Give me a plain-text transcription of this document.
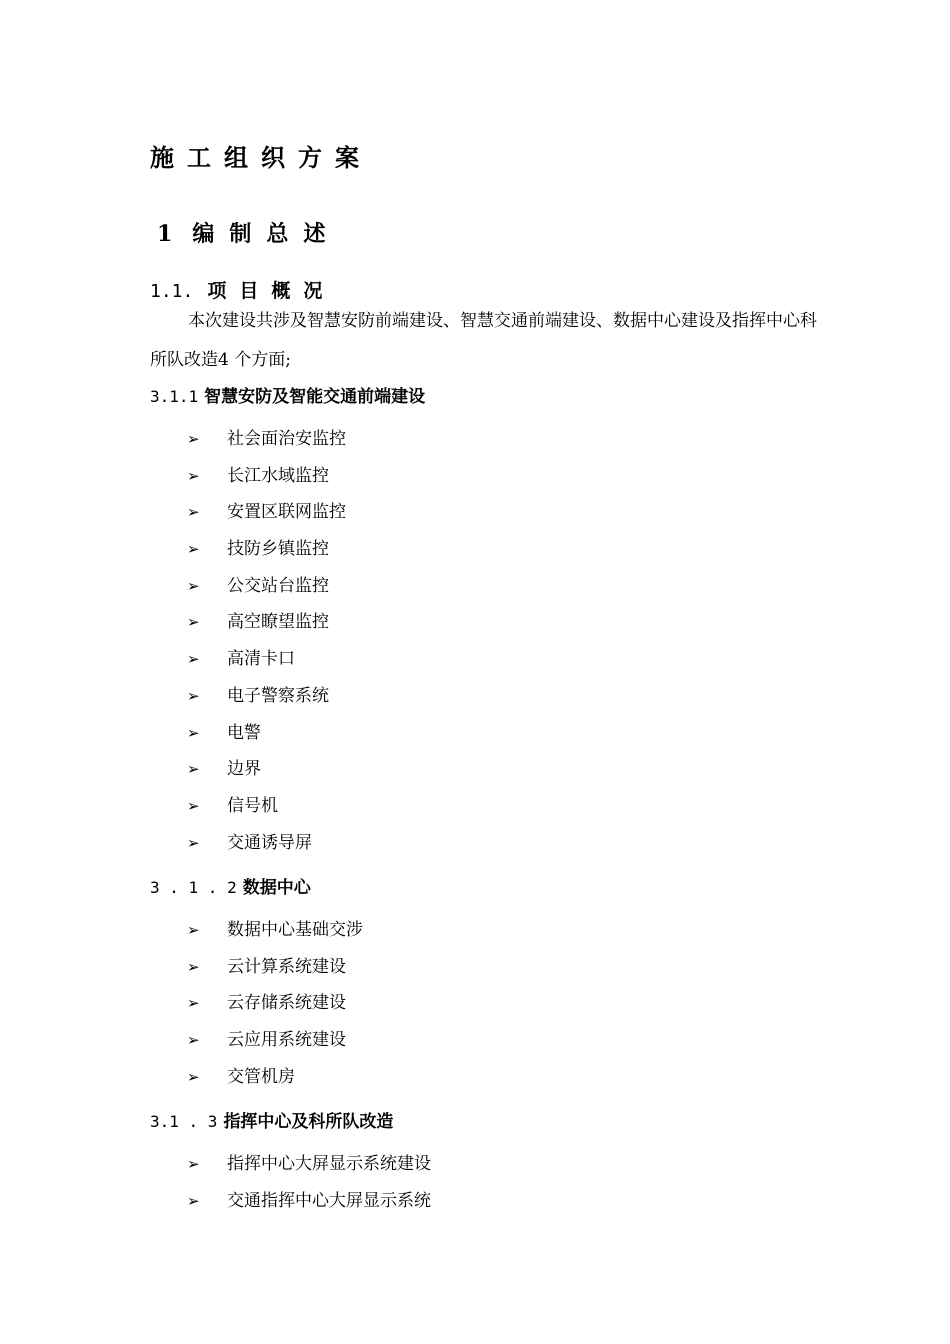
施工组织方案
1 编制总述
1.1. 项目概况

本次建设共涉及智慧安防前端建设、智慧交通前端建设、数据中心建设及指挥中心科所队改造4 个方面;

3.1.1 智慧安防及智能交通前端建设
➢ 社会面治安监控
➢ 长江水域监控
➢ 安置区联网监控
➢ 技防乡镇监控
➢ 公交站台监控
➢ 高空瞭望监控
➢ 高清卡口
➢ 电子警察系统
➢ 电警
➢ 边界
➢ 信号机
➢ 交通诱导屏
3 . 1 . 2 数据中心
➢ 数据中心基础交涉
➢ 云计算系统建设
➢ 云存储系统建设
➢ 云应用系统建设
➢ 交管机房
3.1 . 3 指挥中心及科所队改造
➢ 指挥中心大屏显示系统建设
➢ 交通指挥中心大屏显示系统
